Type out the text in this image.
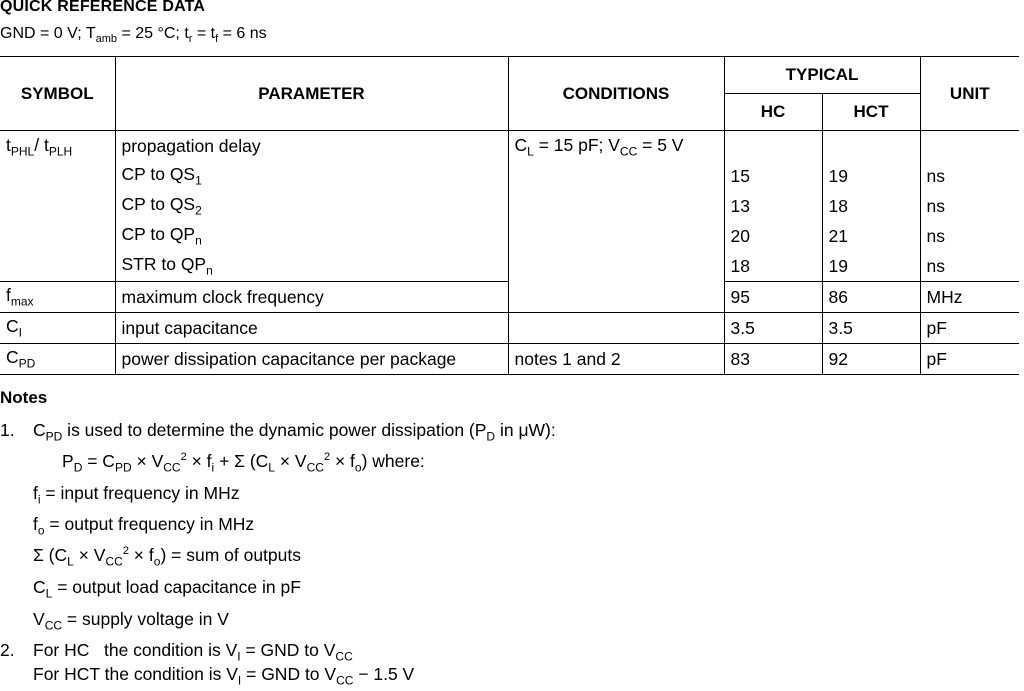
QUICK REFERENCE DATA
GND = 0 V; $T_{amb} = 25$ °C; $t_r = t_f = 6$ ns
SYMBOL	PARAMETER	CONDITIONS	TYPICAL		UNIT
			HC	HCT	
$t_{PHL}/$ $t_{PLH}$	propagation delay	$C_L = 15$ pF; $V_{CC} = 5$ V			
	CP to $QS_1$		15	19	ns
	CP to $QS_2$		13	18	ns
	CP to $QP_n$		20	21	ns
	STR to $QP_n$		18	19	ns
$f_{max}$	maximum clock frequency		95	86	MHz
$C_I$	input capacitance		3.5	3.5	pF
$C_{PD}$	power dissipation capacitance per package	notes 1 and 2	83	92	pF
Notes
1. $C_{PD}$ is used to determine the dynamic power dissipation ($P_D$ in μW):
$P_D = C_{PD} \times V_{CC}^2 \times f_i + \Sigma$ $(C_L \times V_{CC}^2 \times f_o)$ where:
$f_i$ = input frequency in MHz
$f_o$ = output frequency in MHz
Σ $(C_L \times V_{CC}^2 \times f_o)$ = sum of outputs
$C_L$ = output load capacitance in pF
$V_{CC}$ = supply voltage in V
2. For HC   the condition is $V_I$ = GND to $V_{CC}$
For HCT the condition is $V_I$ = GND to $V_{CC} - 1.5$ V
